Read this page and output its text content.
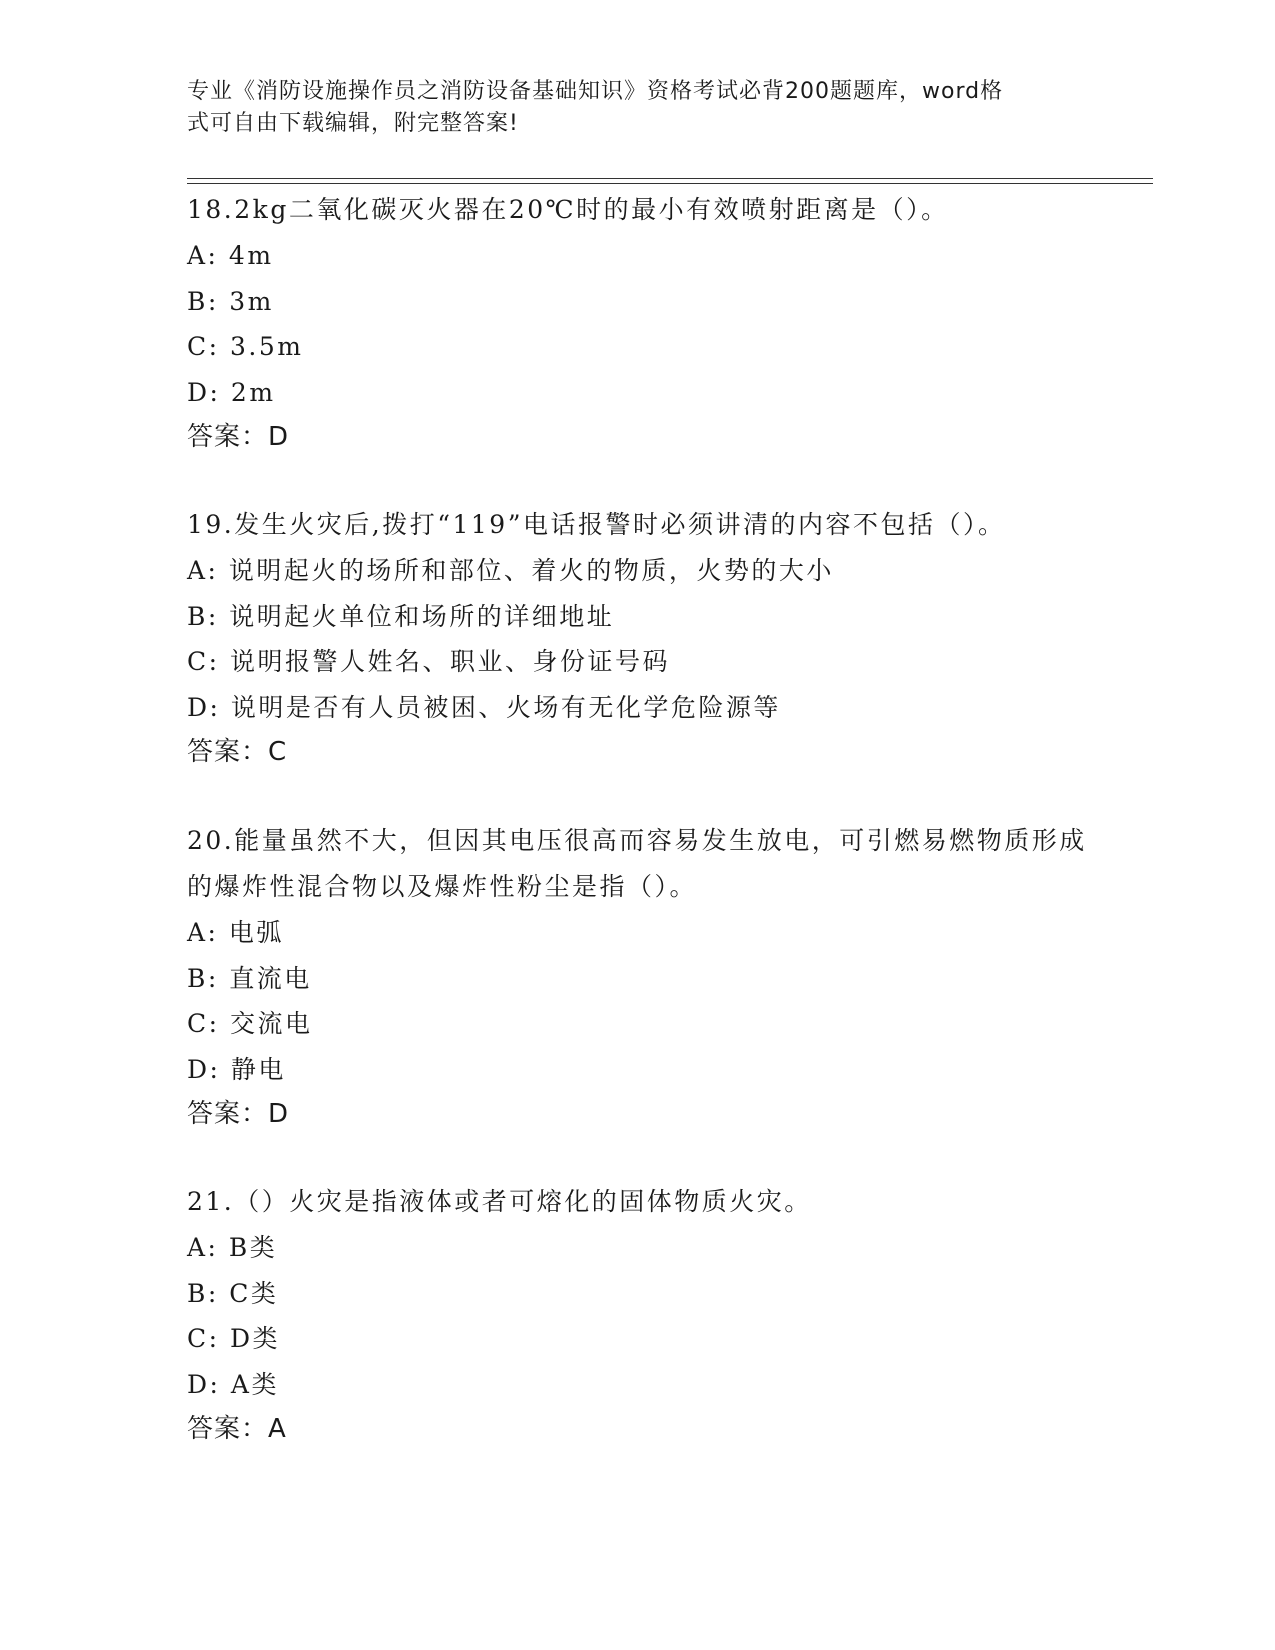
专业《消防设施操作员之消防设备基础知识》资格考试必背200题题库，word格
式可自由下载编辑，附完整答案!

18.2kg二氧化碳灭火器在20℃时的最小有效喷射距离是（）。

A: 4m

B: 3m

C: 3.5m

D: 2m

答案：D

19.发生火灾后,拨打“119”电话报警时必须讲清的内容不包括（）。

A: 说明起火的场所和部位、着火的物质，火势的大小

B: 说明起火单位和场所的详细地址

C: 说明报警人姓名、职业、身份证号码

D: 说明是否有人员被困、火场有无化学危险源等

答案：C

20.能量虽然不大，但因其电压很高而容易发生放电，可引燃易燃物质形成的爆炸性混合物以及爆炸性粉尘是指（）。

A: 电弧

B: 直流电

C: 交流电

D: 静电

答案：D

21.（）火灾是指液体或者可熔化的固体物质火灾。

A: B类

B: C类

C: D类

D: A类

答案：A
